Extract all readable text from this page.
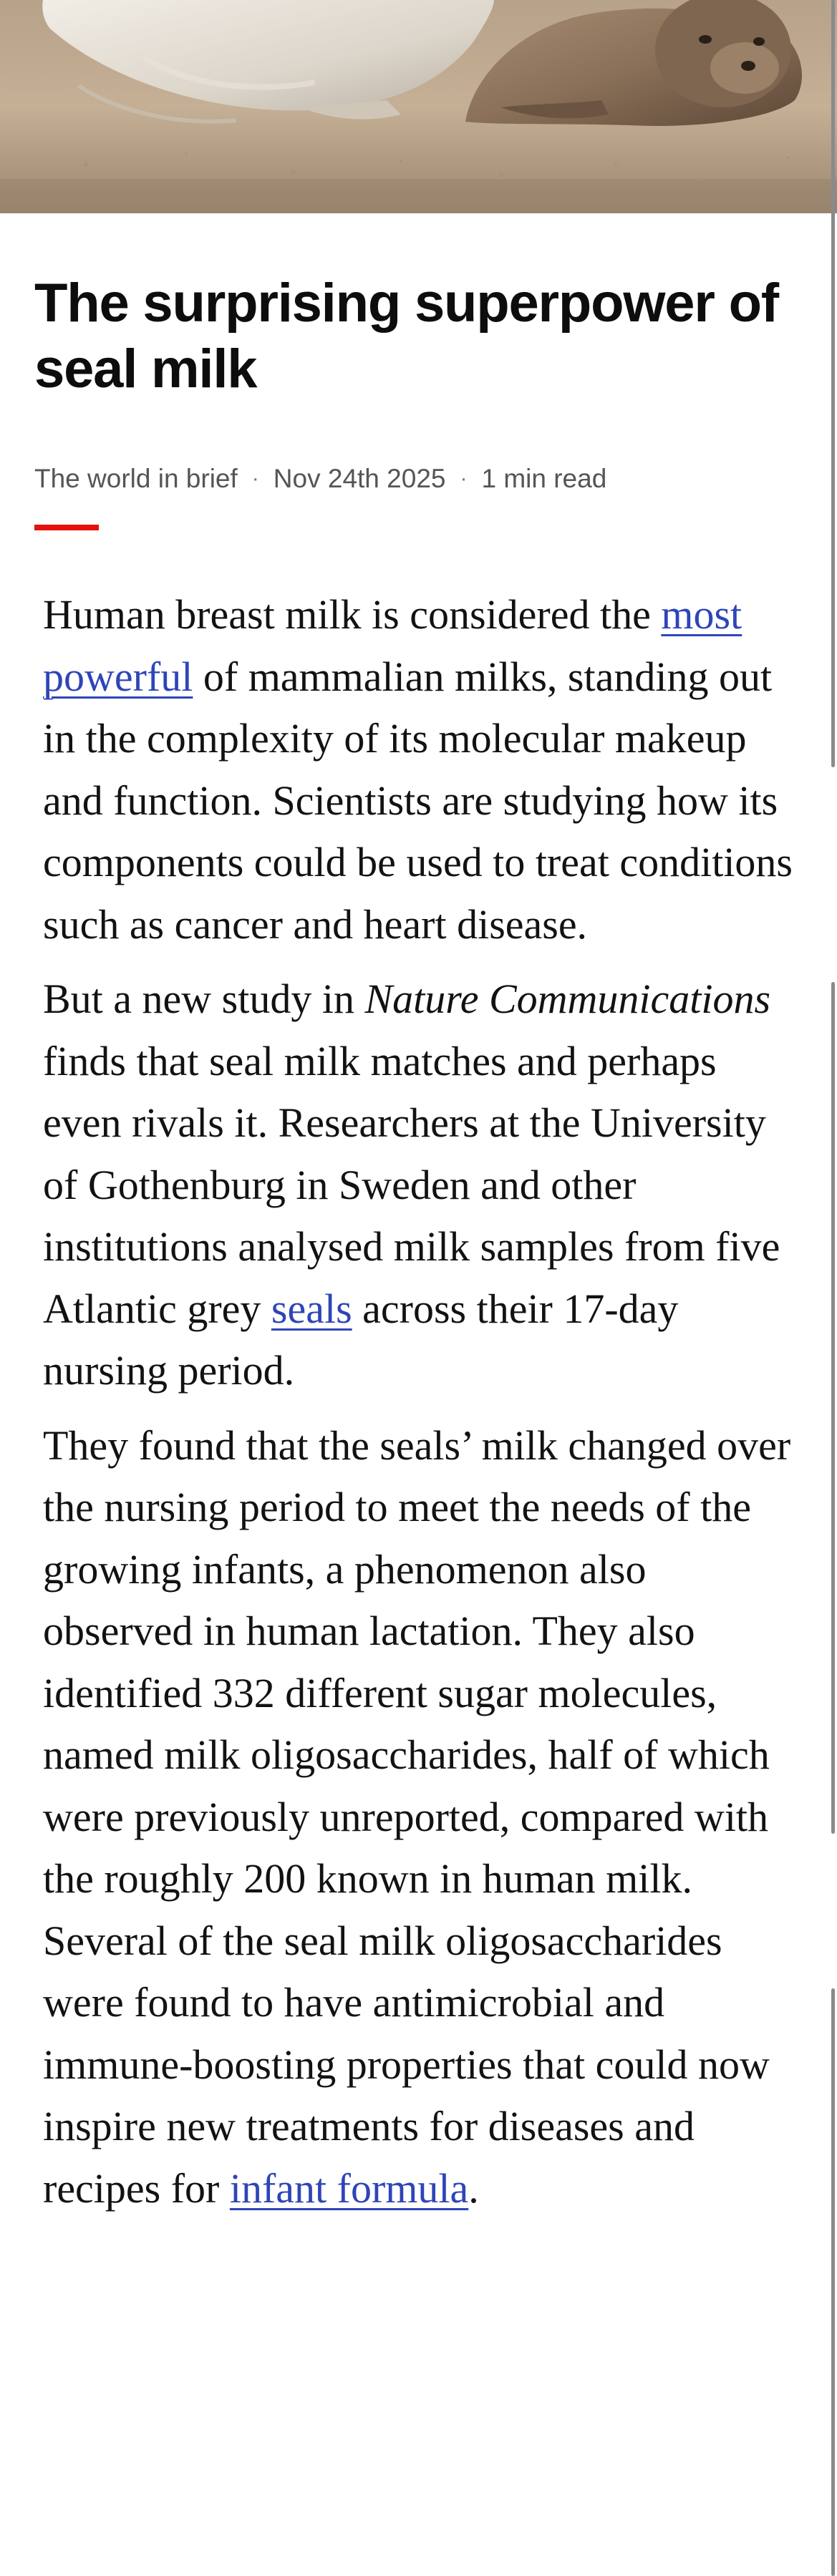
The surprising superpower of seal milk
The world in brief · Nov 24th 2025 · 1 min read

Human breast milk is considered the most powerful of mammalian milks, standing out in the complexity of its molecular makeup and function. Scientists are studying how its components could be used to treat conditions such as cancer and heart disease.

But a new study in Nature Communications finds that seal milk matches and perhaps even rivals it. Researchers at the University of Gothenburg in Sweden and other institutions analysed milk samples from five Atlantic grey seals across their 17-day nursing period.

They found that the seals’ milk changed over the nursing period to meet the needs of the growing infants, a phenomenon also observed in human lactation. They also identified 332 different sugar molecules, named milk oligosaccharides, half of which were previously unreported, compared with the roughly 200 known in human milk. Several of the seal milk oligosaccharides were found to have antimicrobial and immune-boosting properties that could now inspire new treatments for diseases and recipes for infant formula.
